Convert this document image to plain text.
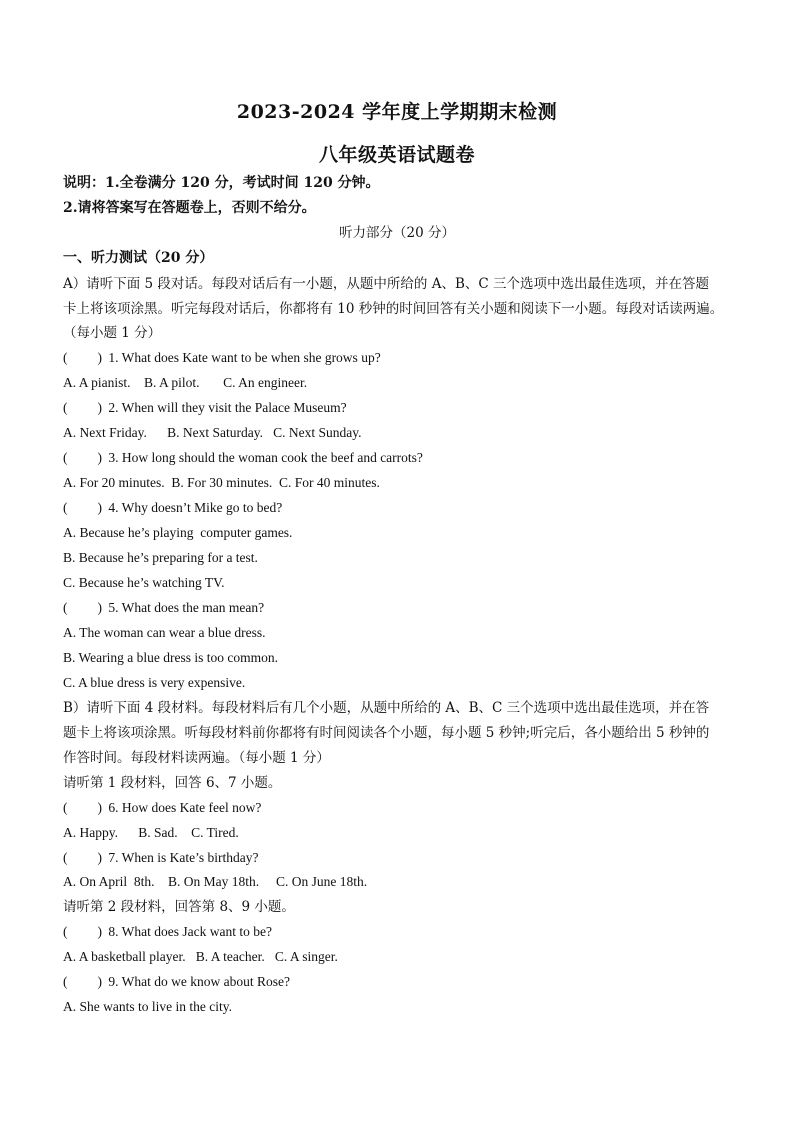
2023-2024 学年度上学期期末检测
八年级英语试题卷
说明：1.全卷满分 120 分，考试时间 120 分钟。
2.请将答案写在答题卷上，否则不给分。
听力部分（20 分）
一、听力测试（20 分）
A）请听下面 5 段对话。每段对话后有一小题，从题中所给的 A、B、C 三个选项中选出最佳选项，并在答题
卡上将该项涂黑。听完每段对话后，你都将有 10 秒钟的时间回答有关小题和阅读下一小题。每段对话读两遍。
（每小题 1 分）
( ) 1. What does Kate want to be when she grows up?
A. A pianist.    B. A pilot.       C. An engineer.
( ) 2. When will they visit the Palace Museum?
A. Next Friday.      B. Next Saturday.   C. Next Sunday.
( ) 3. How long should the woman cook the beef and carrots?
A. For 20 minutes.  B. For 30 minutes.  C. For 40 minutes.
( ) 4. Why doesn’t Mike go to bed?
A. Because he’s playing  computer games.
B. Because he’s preparing for a test.
C. Because he’s watching TV.
( ) 5. What does the man mean?
A. The woman can wear a blue dress.
B. Wearing a blue dress is too common.
C. A blue dress is very expensive.
B）请听下面 4 段材料。每段材料后有几个小题，从题中所给的 A、B、C 三个选项中选出最佳选项，并在答
题卡上将该项涂黑。听每段材料前你都将有时间阅读各个小题，每小题 5 秒钟;听完后，各小题给出 5 秒钟的
作答时间。每段材料读两遍。（每小题 1 分）
请听第 1 段材料，回答 6、7 小题。
( ) 6. How does Kate feel now?
A. Happy.      B. Sad.    C. Tired.
( ) 7. When is Kate’s birthday?
A. On April  8th.    B. On May 18th.     C. On June 18th.
请听第 2 段材料，回答第 8、9 小题。
( ) 8. What does Jack want to be?
A. A basketball player.   B. A teacher.   C. A singer.
( ) 9. What do we know about Rose?
A. She wants to live in the city.
